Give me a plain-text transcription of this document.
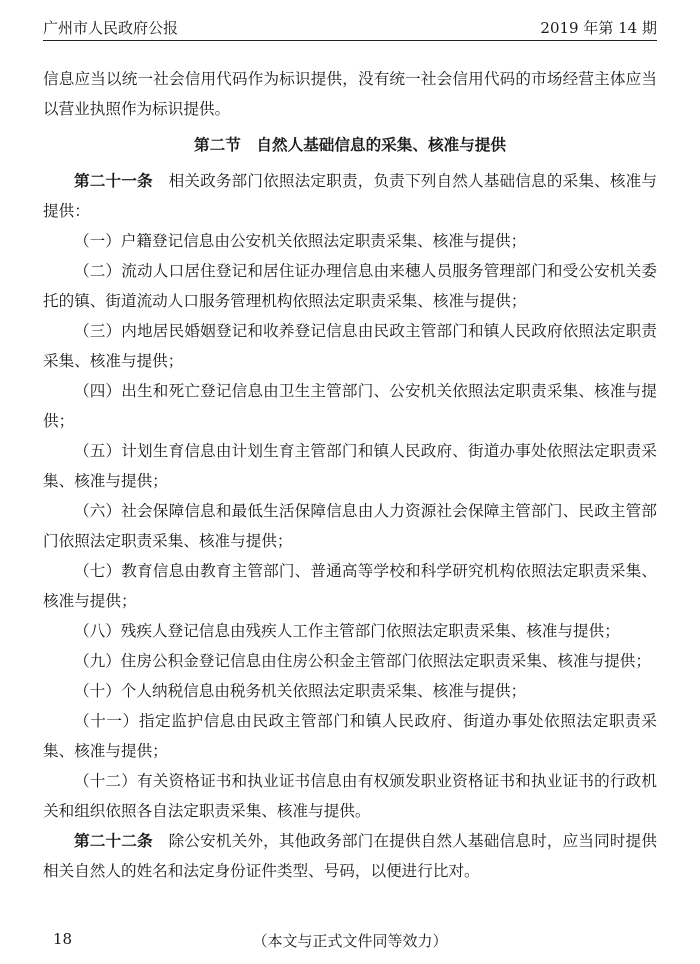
广州市人民政府公报	2019 年第 14 期

信息应当以统一社会信用代码作为标识提供，没有统一社会信用代码的市场经营主体应当以营业执照作为标识提供。

第二节　自然人基础信息的采集、核准与提供

第二十一条　相关政务部门依照法定职责，负责下列自然人基础信息的采集、核准与提供：

（一）户籍登记信息由公安机关依照法定职责采集、核准与提供；

（二）流动人口居住登记和居住证办理信息由来穗人员服务管理部门和受公安机关委托的镇、街道流动人口服务管理机构依照法定职责采集、核准与提供；

（三）内地居民婚姻登记和收养登记信息由民政主管部门和镇人民政府依照法定职责采集、核准与提供；

（四）出生和死亡登记信息由卫生主管部门、公安机关依照法定职责采集、核准与提供；

（五）计划生育信息由计划生育主管部门和镇人民政府、街道办事处依照法定职责采集、核准与提供；

（六）社会保障信息和最低生活保障信息由人力资源社会保障主管部门、民政主管部门依照法定职责采集、核准与提供；

（七）教育信息由教育主管部门、普通高等学校和科学研究机构依照法定职责采集、核准与提供；

（八）残疾人登记信息由残疾人工作主管部门依照法定职责采集、核准与提供；

（九）住房公积金登记信息由住房公积金主管部门依照法定职责采集、核准与提供；

（十）个人纳税信息由税务机关依照法定职责采集、核准与提供；

（十一）指定监护信息由民政主管部门和镇人民政府、街道办事处依照法定职责采集、核准与提供；

（十二）有关资格证书和执业证书信息由有权颁发职业资格证书和执业证书的行政机关和组织依照各自法定职责采集、核准与提供。

第二十二条　除公安机关外，其他政务部门在提供自然人基础信息时，应当同时提供相关自然人的姓名和法定身份证件类型、号码，以便进行比对。

18	（本文与正式文件同等效力）
